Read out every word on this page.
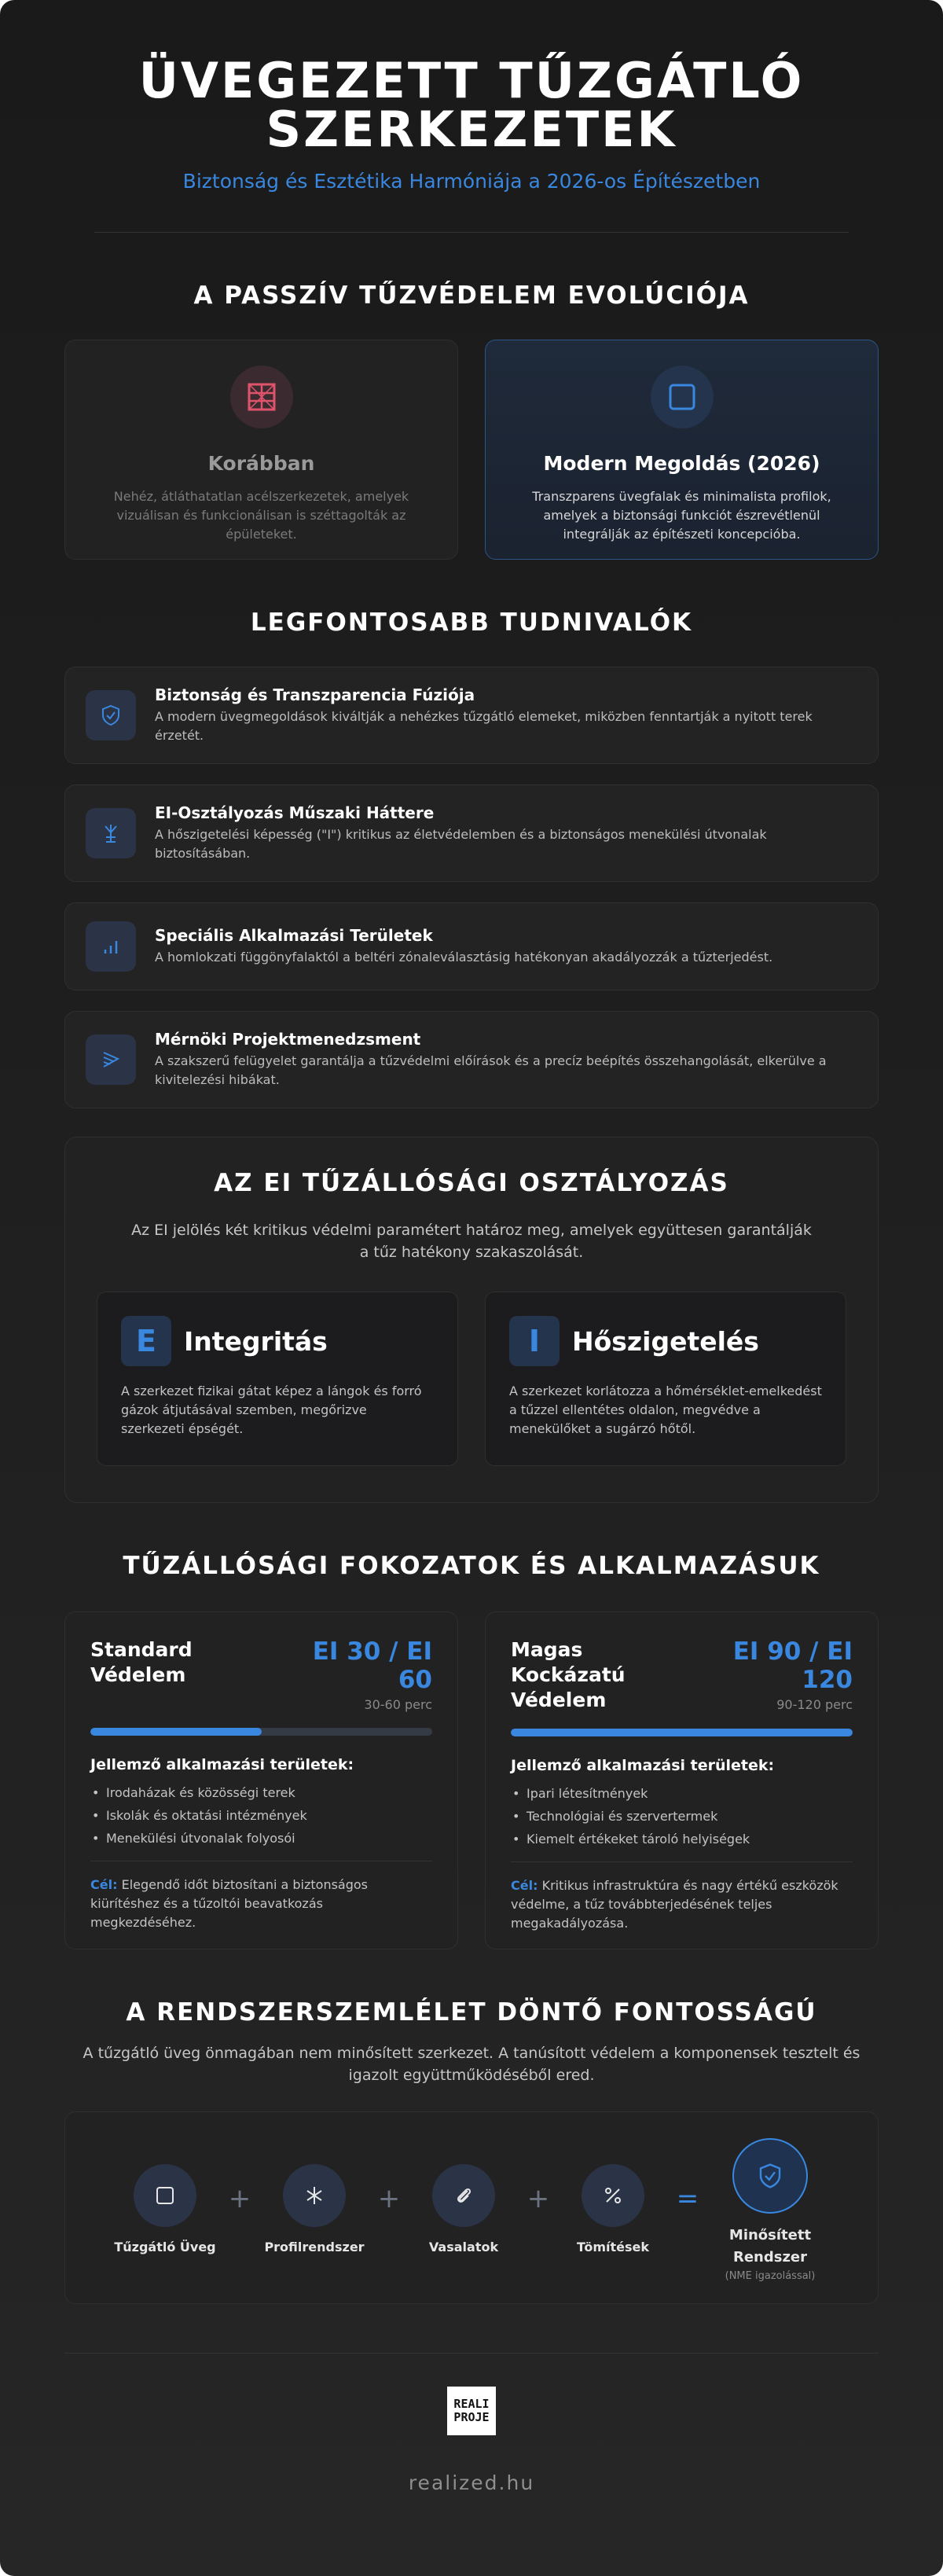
ÜVEGEZETT TŰZGÁTLÓ SZERKEZETEK
Biztonság és Esztétika Harmóniája a 2026-os Építészetben
A PASSZÍV TŰZVÉDELEM EVOLÚCIÓJA
Korábban

Nehéz, átláthatatlan acélszerkezetek, amelyek vizuálisan és funkcionálisan is széttagolták az épületeket.

Modern Megoldás (2026)

Transzparens üvegfalak és minimalista profilok, amelyek a biztonsági funkciót észrevétlenül integrálják az építészeti koncepcióba.

LEGFONTOSABB TUDNIVALÓK
Biztonság és Transzparencia Fúziója

A modern üvegmegoldások kiváltják a nehézkes tűzgátló elemeket, miközben fenntartják a nyitott terek érzetét.

EI-Osztályozás Műszaki Háttere

A hőszigetelési képesség ("I") kritikus az életvédelemben és a biztonságos menekülési útvonalak biztosításában.

Speciális Alkalmazási Területek

A homlokzati függönyfalaktól a beltéri zónaleválasztásig hatékonyan akadályozzák a tűzterjedést.

Mérnöki Projektmenedzsment

A szakszerű felügyelet garantálja a tűzvédelmi előírások és a precíz beépítés összehangolását, elkerülve a kivitelezési hibákat.

AZ EI TŰZÁLLÓSÁGI OSZTÁLYOZÁS

Az EI jelölés két kritikus védelmi paramétert határoz meg, amelyek együttesen garantálják a tűz hatékony szakaszolását.

E	Integritás

A szerkezet fizikai gátat képez a lángok és forró gázok átjutásával szemben, megőrizve szerkezeti épségét.

I	Hőszigetelés

A szerkezet korlátozza a hőmérséklet-emelkedést a tűzzel ellentétes oldalon, megvédve a menekülőket a sugárzó hőtől.

TŰZÁLLÓSÁGI FOKOZATOK ÉS ALKALMAZÁSUK
Standard Védelem
EI 30 / EI 60
30-60 perc
Jellemző alkalmazási területek:
• Irodaházak és közösségi terek
• Iskolák és oktatási intézmények
• Menekülési útvonalak folyosói
Cél: Elegendő időt biztosítani a biztonságos kiürítéshez és a tűzoltói beavatkozás megkezdéséhez.
Magas Kockázatú Védelem
EI 90 / EI 120
90-120 perc
Jellemző alkalmazási területek:
• Ipari létesítmények
• Technológiai és szervertermek
• Kiemelt értékeket tároló helyiségek
Cél: Kritikus infrastruktúra és nagy értékű eszközök védelme, a tűz továbbterjedésének teljes megakadályozása.
A RENDSZERSZEMLÉLET DÖNTŐ FONTOSSÁGÚ

A tűzgátló üveg önmagában nem minősített szerkezet. A tanúsított védelem a komponensek tesztelt és igazolt együttműködéséből ered.

Tűzgátló Üveg
+
Profilrendszer
+
Vasalatok
+
Tömítések
=
Minősített Rendszer
(NME igazolással)
REALI
PROJE
realized.hu
